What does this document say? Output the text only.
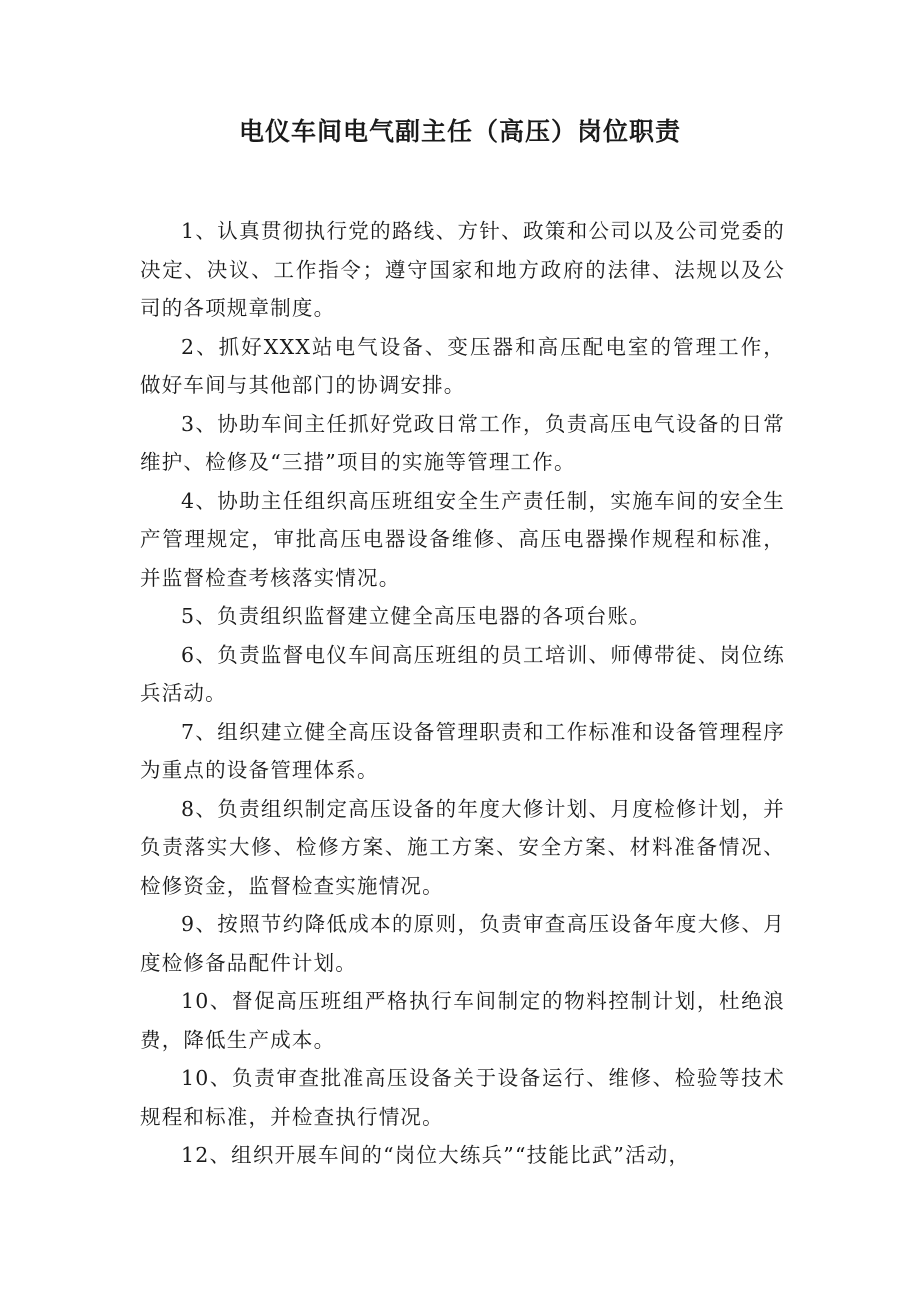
电仪车间电气副主任（高压）岗位职责

1、认真贯彻执行党的路线、方针、政策和公司以及公司党委的决定、决议、工作指令；遵守国家和地方政府的法律、法规以及公司的各项规章制度。

2、抓好XXX站电气设备、变压器和高压配电室的管理工作，做好车间与其他部门的协调安排。

3、协助车间主任抓好党政日常工作，负责高压电气设备的日常维护、检修及“三措”项目的实施等管理工作。

4、协助主任组织高压班组安全生产责任制，实施车间的安全生产管理规定，审批高压电器设备维修、高压电器操作规程和标准，并监督检查考核落实情况。

5、负责组织监督建立健全高压电器的各项台账。

6、负责监督电仪车间高压班组的员工培训、师傅带徒、岗位练兵活动。

7、组织建立健全高压设备管理职责和工作标准和设备管理程序为重点的设备管理体系。

8、负责组织制定高压设备的年度大修计划、月度检修计划，并负责落实大修、检修方案、施工方案、安全方案、材料准备情况、检修资金，监督检查实施情况。

9、按照节约降低成本的原则，负责审查高压设备年度大修、月度检修备品配件计划。

10、督促高压班组严格执行车间制定的物料控制计划，杜绝浪费，降低生产成本。

10、负责审查批准高压设备关于设备运行、维修、检验等技术规程和标准，并检查执行情况。

12、组织开展车间的“岗位大练兵”“技能比武”活动，
